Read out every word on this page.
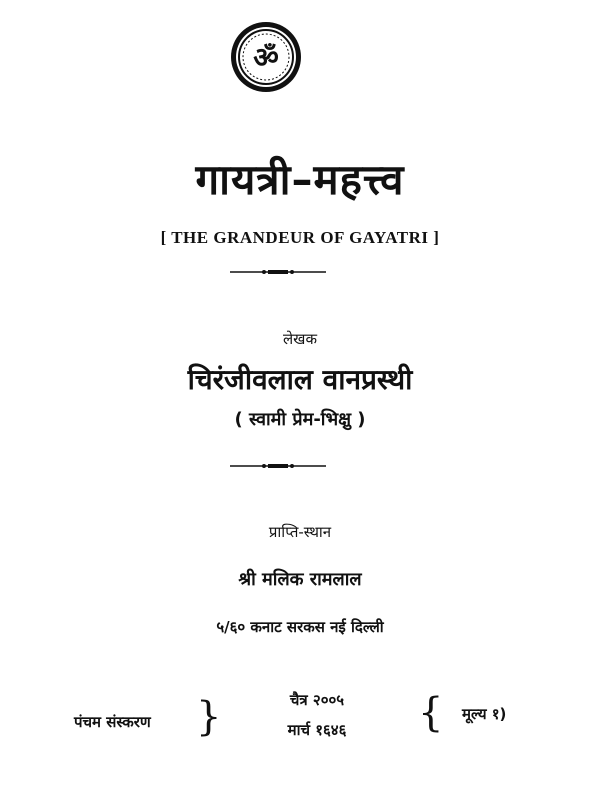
ॐ
गायत्री–महत्त्व
[ THE GRANDEUR OF GAYATRI ]
लेखक
चिरंजीवलाल वानप्रस्थी
( स्वामी प्रेम-भिक्षु )
प्राप्ति-स्थान
श्री मलिक रामलाल
५/६० कनाट सरकस नई दिल्ली
पंचम संस्करण }	चैत्र २००५
मार्च १६४६	{ मूल्य १)
